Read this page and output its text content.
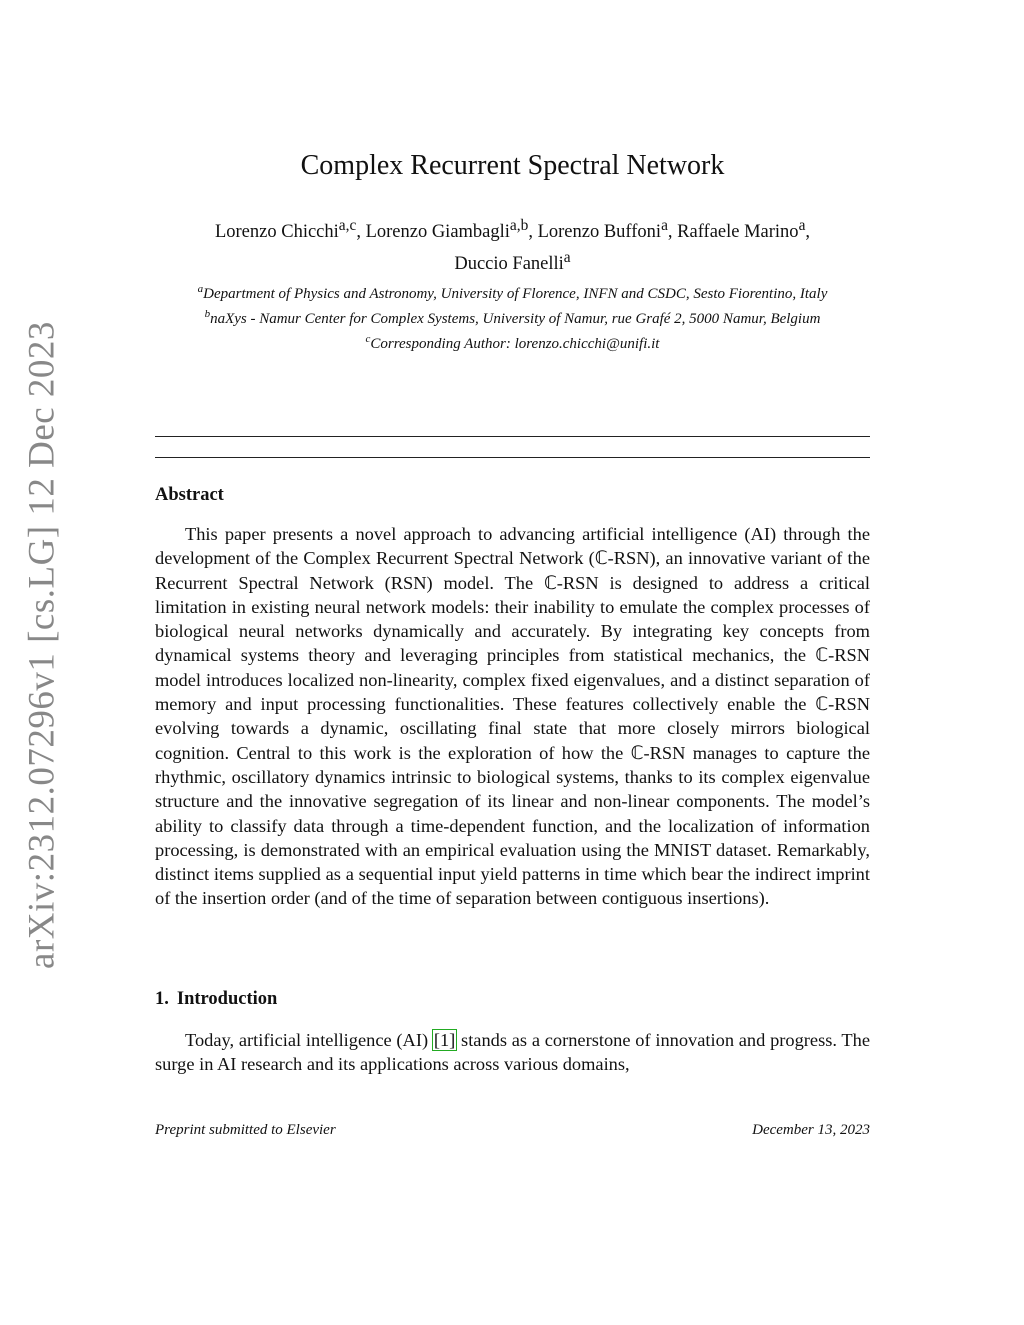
arXiv:2312.07296v1 [cs.LG] 12 Dec 2023
Complex Recurrent Spectral Network
Lorenzo Chicchi$^{a,c}$, Lorenzo Giambagli$^{a,b}$, Lorenzo Buffoni$^a$, Raffaele Marino$^a$,
Duccio Fanelli$^a$
$^a$Department of Physics and Astronomy, University of Florence, INFN and CSDC, Sesto Fiorentino, Italy
$^b$naXys - Namur Center for Complex Systems, University of Namur, rue Grafé 2, 5000 Namur, Belgium
$^c$Corresponding Author: lorenzo.chicchi@unifi.it
Abstract

This paper presents a novel approach to advancing artificial intelligence (AI) through the development of the Complex Recurrent Spectral Network (ℂ-RSN), an innovative variant of the Recurrent Spectral Network (RSN) model. The ℂ-RSN is designed to address a critical limitation in existing neural network models: their inability to emulate the complex processes of biological neural networks dynamically and accurately. By integrating key concepts from dynamical systems theory and leveraging principles from statistical mechanics, the ℂ-RSN model introduces localized non-linearity, complex fixed eigenvalues, and a distinct separation of memory and input processing functionalities. These features collectively enable the ℂ-RSN evolving towards a dynamic, oscillating final state that more closely mirrors biological cognition. Central to this work is the exploration of how the ℂ-RSN manages to capture the rhythmic, oscillatory dynamics intrinsic to biological systems, thanks to its complex eigenvalue structure and the innovative segregation of its linear and non-linear components. The model’s ability to classify data through a time-dependent function, and the localization of information processing, is demonstrated with an empirical evaluation using the MNIST dataset. Remarkably, distinct items supplied as a sequential input yield patterns in time which bear the indirect imprint of the insertion order (and of the time of separation between contiguous insertions).

1. Introduction

Today, artificial intelligence (AI) [1] stands as a cornerstone of innovation and progress. The surge in AI research and its applications across various domains,

Preprint submitted to Elsevier	December 13, 2023
